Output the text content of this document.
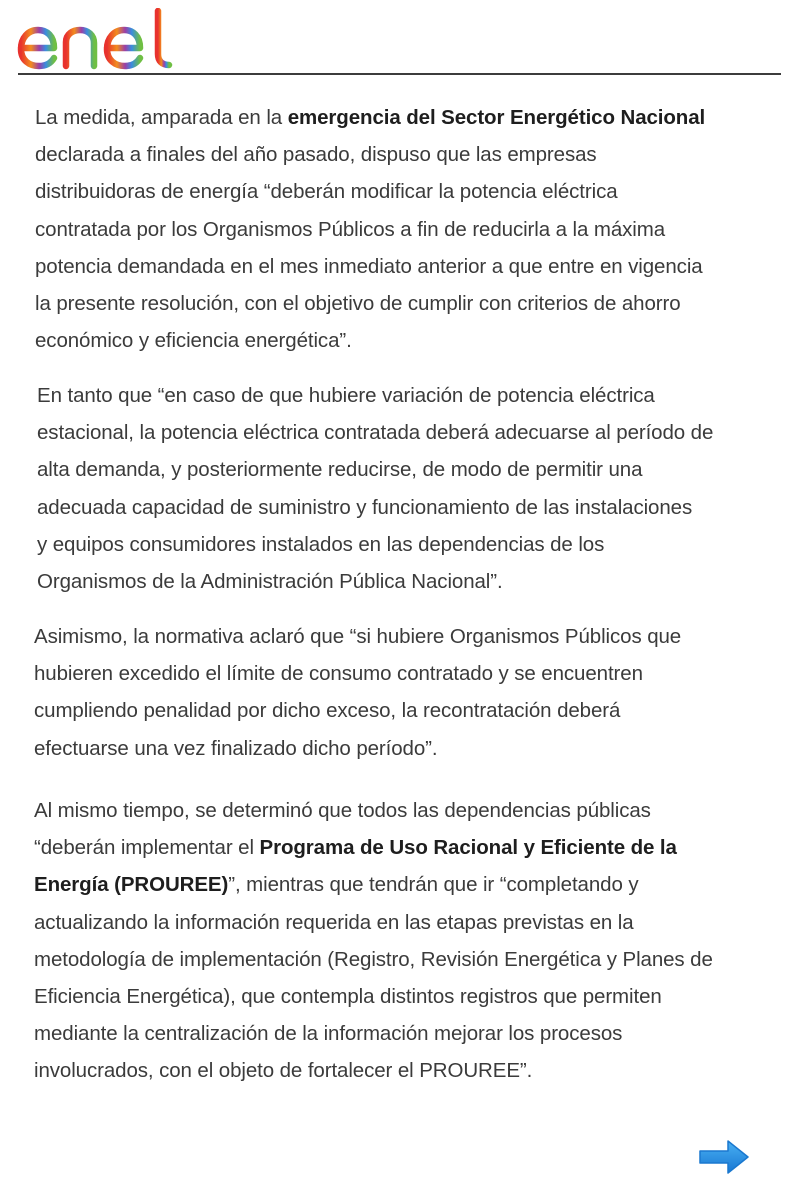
La medida, amparada en la emergencia del Sector Energético Nacional
declarada a finales del año pasado, dispuso que las empresas
distribuidoras de energía “deberán modificar la potencia eléctrica
contratada por los Organismos Públicos a fin de reducirla a la máxima
potencia demandada en el mes inmediato anterior a que entre en vigencia
la presente resolución, con el objetivo de cumplir con criterios de ahorro
económico y eficiencia energética”.
En tanto que “en caso de que hubiere variación de potencia eléctrica
estacional, la potencia eléctrica contratada deberá adecuarse al período de
alta demanda, y posteriormente reducirse, de modo de permitir una
adecuada capacidad de suministro y funcionamiento de las instalaciones
y equipos consumidores instalados en las dependencias de los
Organismos de la Administración Pública Nacional”.
Asimismo, la normativa aclaró que “si hubiere Organismos Públicos que
hubieren excedido el límite de consumo contratado y se encuentren
cumpliendo penalidad por dicho exceso, la recontratación deberá
efectuarse una vez finalizado dicho período”.
Al mismo tiempo, se determinó que todos las dependencias públicas
“deberán implementar el Programa de Uso Racional y Eficiente de la
Energía (PROUREE)”, mientras que tendrán que ir “completando y
actualizando la información requerida en las etapas previstas en la
metodología de implementación (Registro, Revisión Energética y Planes de
Eficiencia Energética), que contempla distintos registros que permiten
mediante la centralización de la información mejorar los procesos
involucrados, con el objeto de fortalecer el PROUREE”.
